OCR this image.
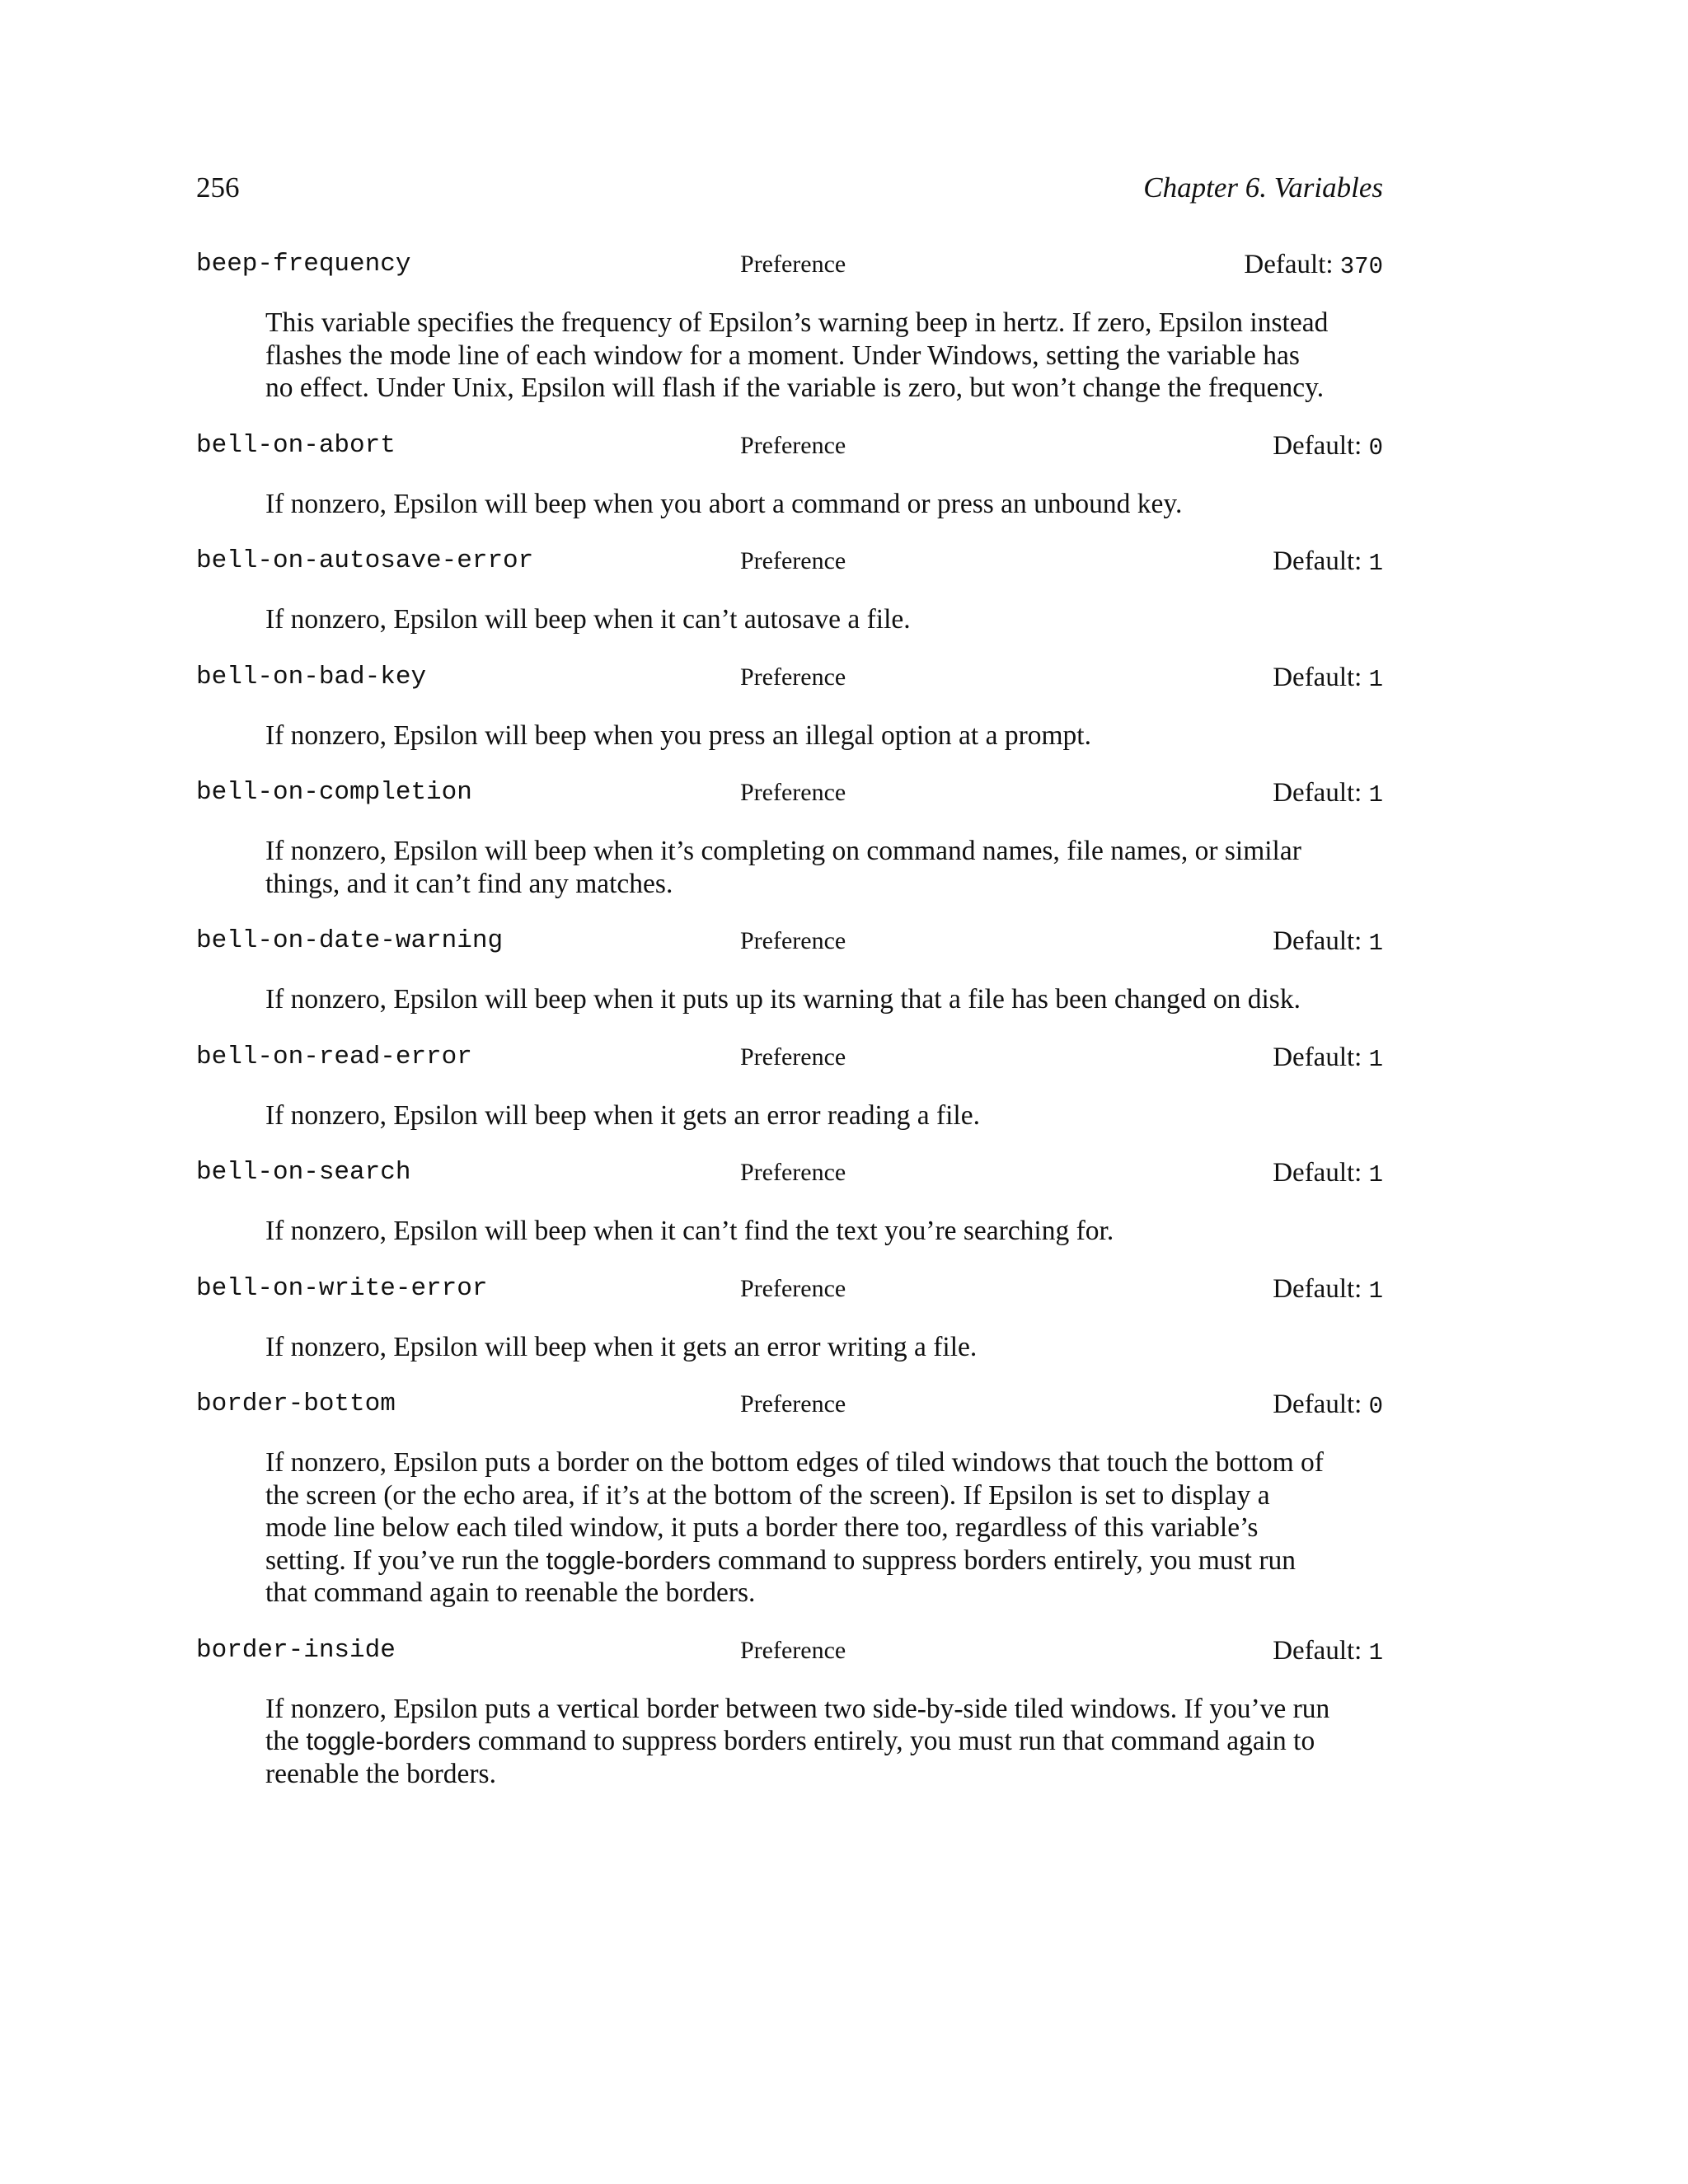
256	Chapter 6. Variables
beep-frequency	Preference	Default: 370
This variable specifies the frequency of Epsilon’s warning beep in hertz. If zero, Epsilon instead
flashes the mode line of each window for a moment. Under Windows, setting the variable has
no effect. Under Unix, Epsilon will flash if the variable is zero, but won’t change the frequency.
bell-on-abort	Preference	Default: 0
If nonzero, Epsilon will beep when you abort a command or press an unbound key.
bell-on-autosave-error	Preference	Default: 1
If nonzero, Epsilon will beep when it can’t autosave a file.
bell-on-bad-key	Preference	Default: 1
If nonzero, Epsilon will beep when you press an illegal option at a prompt.
bell-on-completion	Preference	Default: 1
If nonzero, Epsilon will beep when it’s completing on command names, file names, or similar
things, and it can’t find any matches.
bell-on-date-warning	Preference	Default: 1
If nonzero, Epsilon will beep when it puts up its warning that a file has been changed on disk.
bell-on-read-error	Preference	Default: 1
If nonzero, Epsilon will beep when it gets an error reading a file.
bell-on-search	Preference	Default: 1
If nonzero, Epsilon will beep when it can’t find the text you’re searching for.
bell-on-write-error	Preference	Default: 1
If nonzero, Epsilon will beep when it gets an error writing a file.
border-bottom	Preference	Default: 0
If nonzero, Epsilon puts a border on the bottom edges of tiled windows that touch the bottom of
the screen (or the echo area, if it’s at the bottom of the screen). If Epsilon is set to display a
mode line below each tiled window, it puts a border there too, regardless of this variable’s
setting. If you’ve run the toggle-borders command to suppress borders entirely, you must run
that command again to reenable the borders.
border-inside	Preference	Default: 1
If nonzero, Epsilon puts a vertical border between two side-by-side tiled windows. If you’ve run
the toggle-borders command to suppress borders entirely, you must run that command again to
reenable the borders.
